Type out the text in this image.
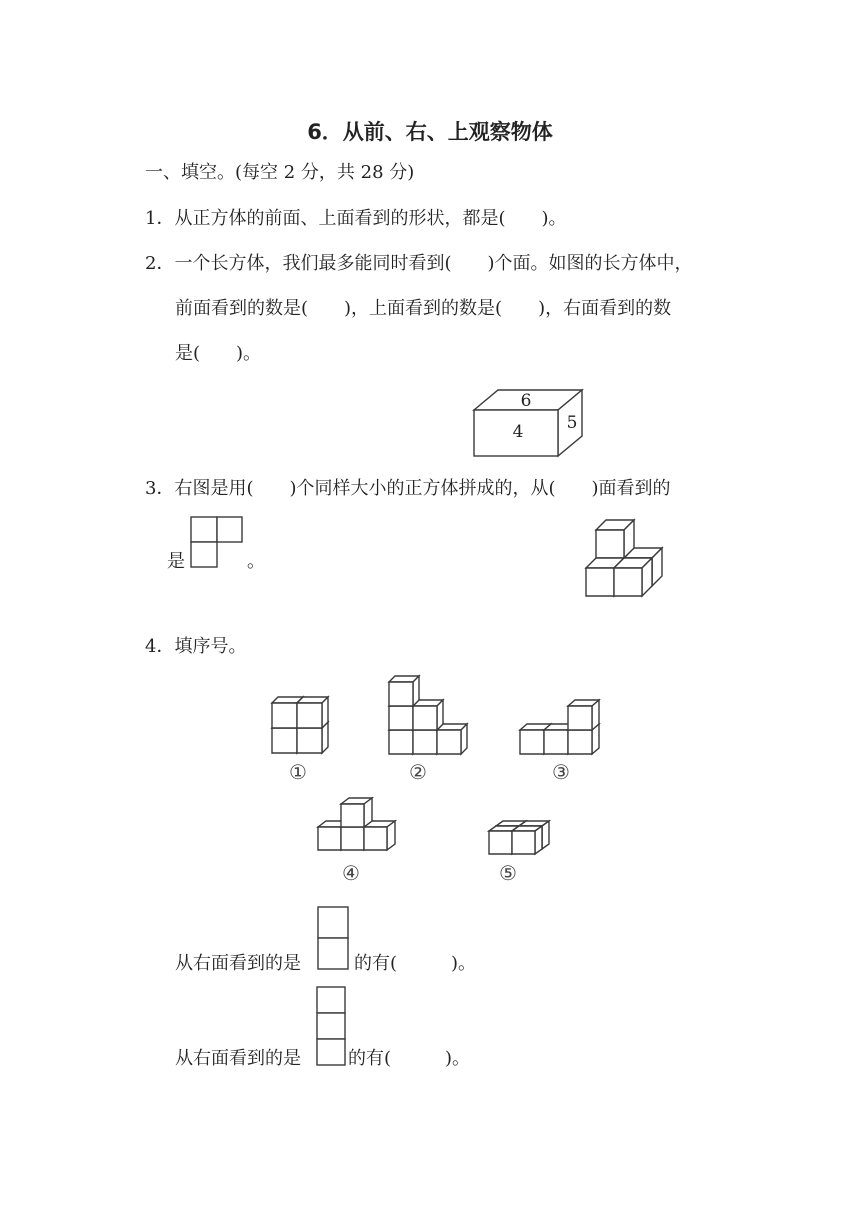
6．从前、右、上观察物体
一、填空。(每空 2 分，共 28 分)
1．从正方体的前面、上面看到的形状，都是(　　)。
2．一个长方体，我们最多能同时看到(　　)个面。如图的长方体中，
前面看到的数是(　　)，上面看到的数是(　　)，右面看到的数
是(　　)。
6
4	5
3．右图是用(　　)个同样大小的正方体拼成的，从(　　)面看到的
是	。
4．填序号。
①	②	③
④	⑤
从右面看到的是	的有(　　　)。
从右面看到的是	的有(　　　)。
